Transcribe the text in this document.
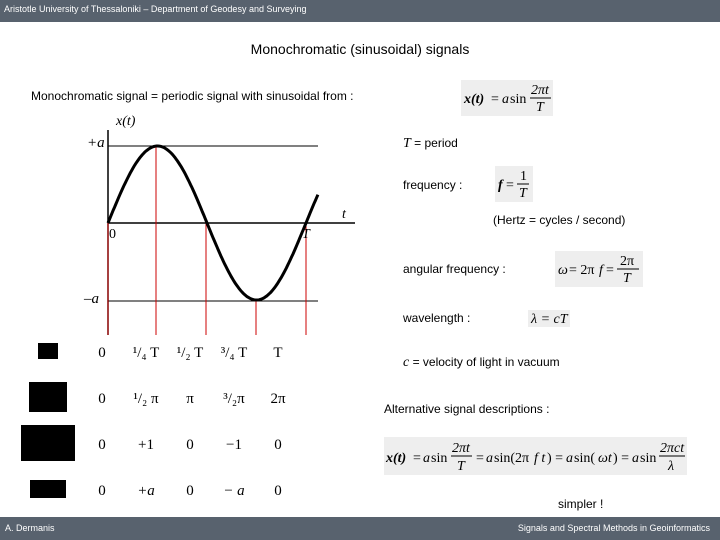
Aristotle University of Thessaloniki – Department of Geodesy and Surveying
Monochromatic (sinusoidal) signals
Monochromatic signal = periodic signal with sinusoidal from :	x(t) = a sin
2πt
T
x(t)
+a
–a
0	T
t
T = period
frequency :	f =
1
T
(Hertz = cycles / second)
angular frequency :	ω = 2π f =
2π
T
wavelength :	λ = cT
c = velocity of light in vacuum
Alternative signal descriptions :
x(t) = a sin
2πt
T
= a sin(2π f t ) = a sin( ωt ) = a sin
2πct
λ
simpler !
	0	¹/₄ T	¹/₂ T	³/₄ T	T
	0	¹/₂ π	π	³/₂π	2π
	0	+1	0	−1	0
	0	+a	0	− a	0
A. Dermanis	Signals and Spectral Methods in Geoinformatics
